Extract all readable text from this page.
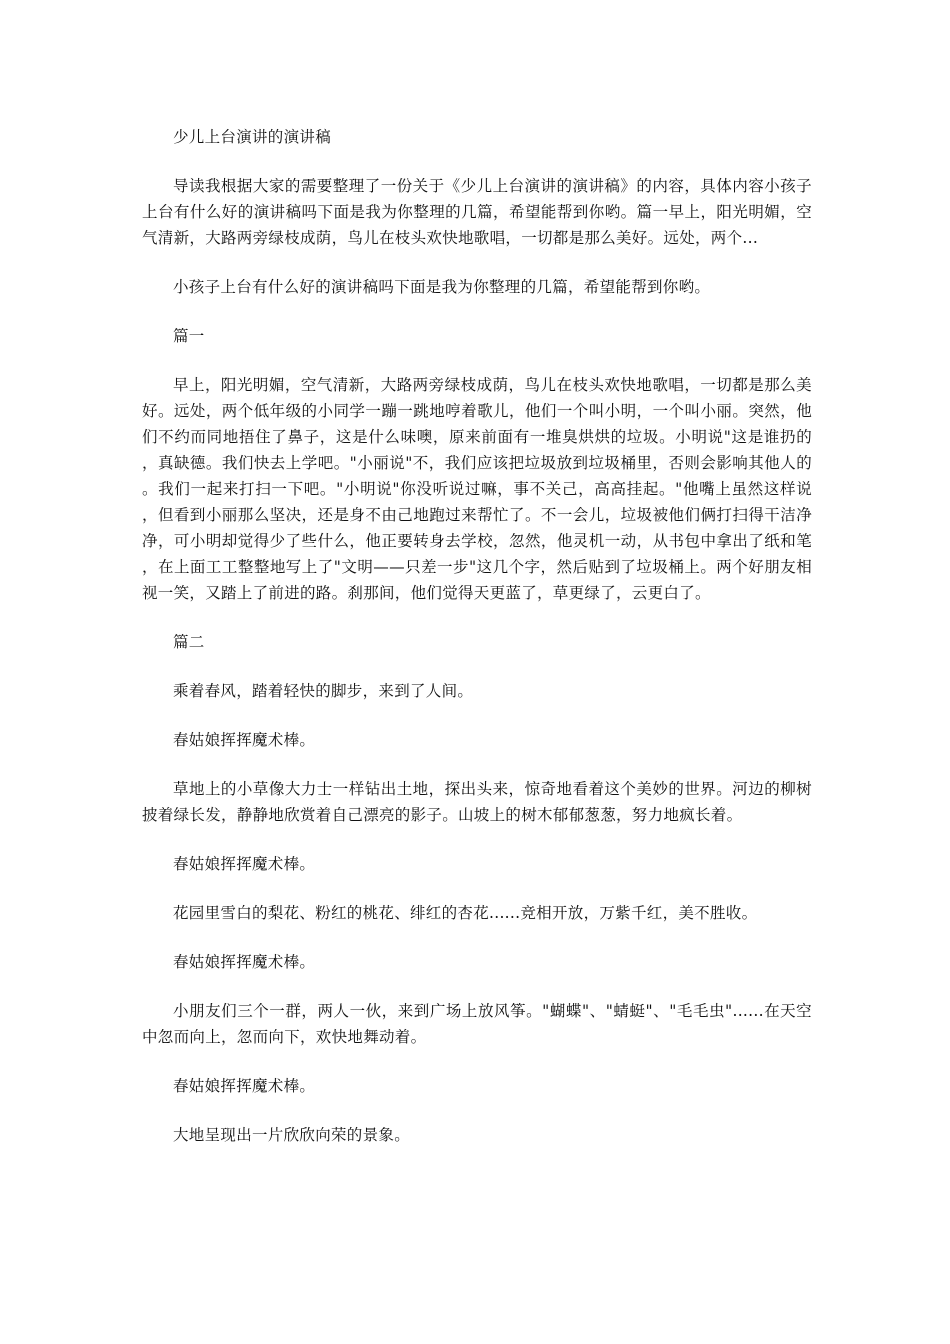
少儿上台演讲的演讲稿

导读我根据大家的需要整理了一份关于《少儿上台演讲的演讲稿》的内容，具体内容小孩子上台有什么好的演讲稿吗下面是我为你整理的几篇，希望能帮到你哟。篇一早上，阳光明媚，空气清新，大路两旁绿枝成荫，鸟儿在枝头欢快地歌唱，一切都是那么美好。远处，两个...

小孩子上台有什么好的演讲稿吗下面是我为你整理的几篇，希望能帮到你哟。

篇一

早上，阳光明媚，空气清新，大路两旁绿枝成荫，鸟儿在枝头欢快地歌唱，一切都是那么美好。远处，两个低年级的小同学一蹦一跳地哼着歌儿，他们一个叫小明，一个叫小丽。突然，他们不约而同地捂住了鼻子，这是什么味噢，原来前面有一堆臭烘烘的垃圾。小明说"这是谁扔的，真缺德。我们快去上学吧。"小丽说"不，我们应该把垃圾放到垃圾桶里，否则会影响其他人的。我们一起来打扫一下吧。"小明说"你没听说过嘛，事不关己，高高挂起。"他嘴上虽然这样说，但看到小丽那么坚决，还是身不由己地跑过来帮忙了。不一会儿，垃圾被他们俩打扫得干洁净净，可小明却觉得少了些什么，他正要转身去学校，忽然，他灵机一动，从书包中拿出了纸和笔，在上面工工整整地写上了"文明——只差一步"这几个字，然后贴到了垃圾桶上。两个好朋友相视一笑，又踏上了前进的路。刹那间，他们觉得天更蓝了，草更绿了，云更白了。

篇二

乘着春风，踏着轻快的脚步，来到了人间。

春姑娘挥挥魔术棒。

草地上的小草像大力士一样钻出土地，探出头来，惊奇地看着这个美妙的世界。河边的柳树披着绿长发，静静地欣赏着自己漂亮的影子。山坡上的树木郁郁葱葱，努力地疯长着。

春姑娘挥挥魔术棒。

花园里雪白的梨花、粉红的桃花、绯红的杏花......竞相开放，万紫千红，美不胜收。

春姑娘挥挥魔术棒。

小朋友们三个一群，两人一伙，来到广场上放风筝。"蝴蝶"、"蜻蜓"、"毛毛虫"......在天空中忽而向上，忽而向下，欢快地舞动着。

春姑娘挥挥魔术棒。

大地呈现出一片欣欣向荣的景象。
